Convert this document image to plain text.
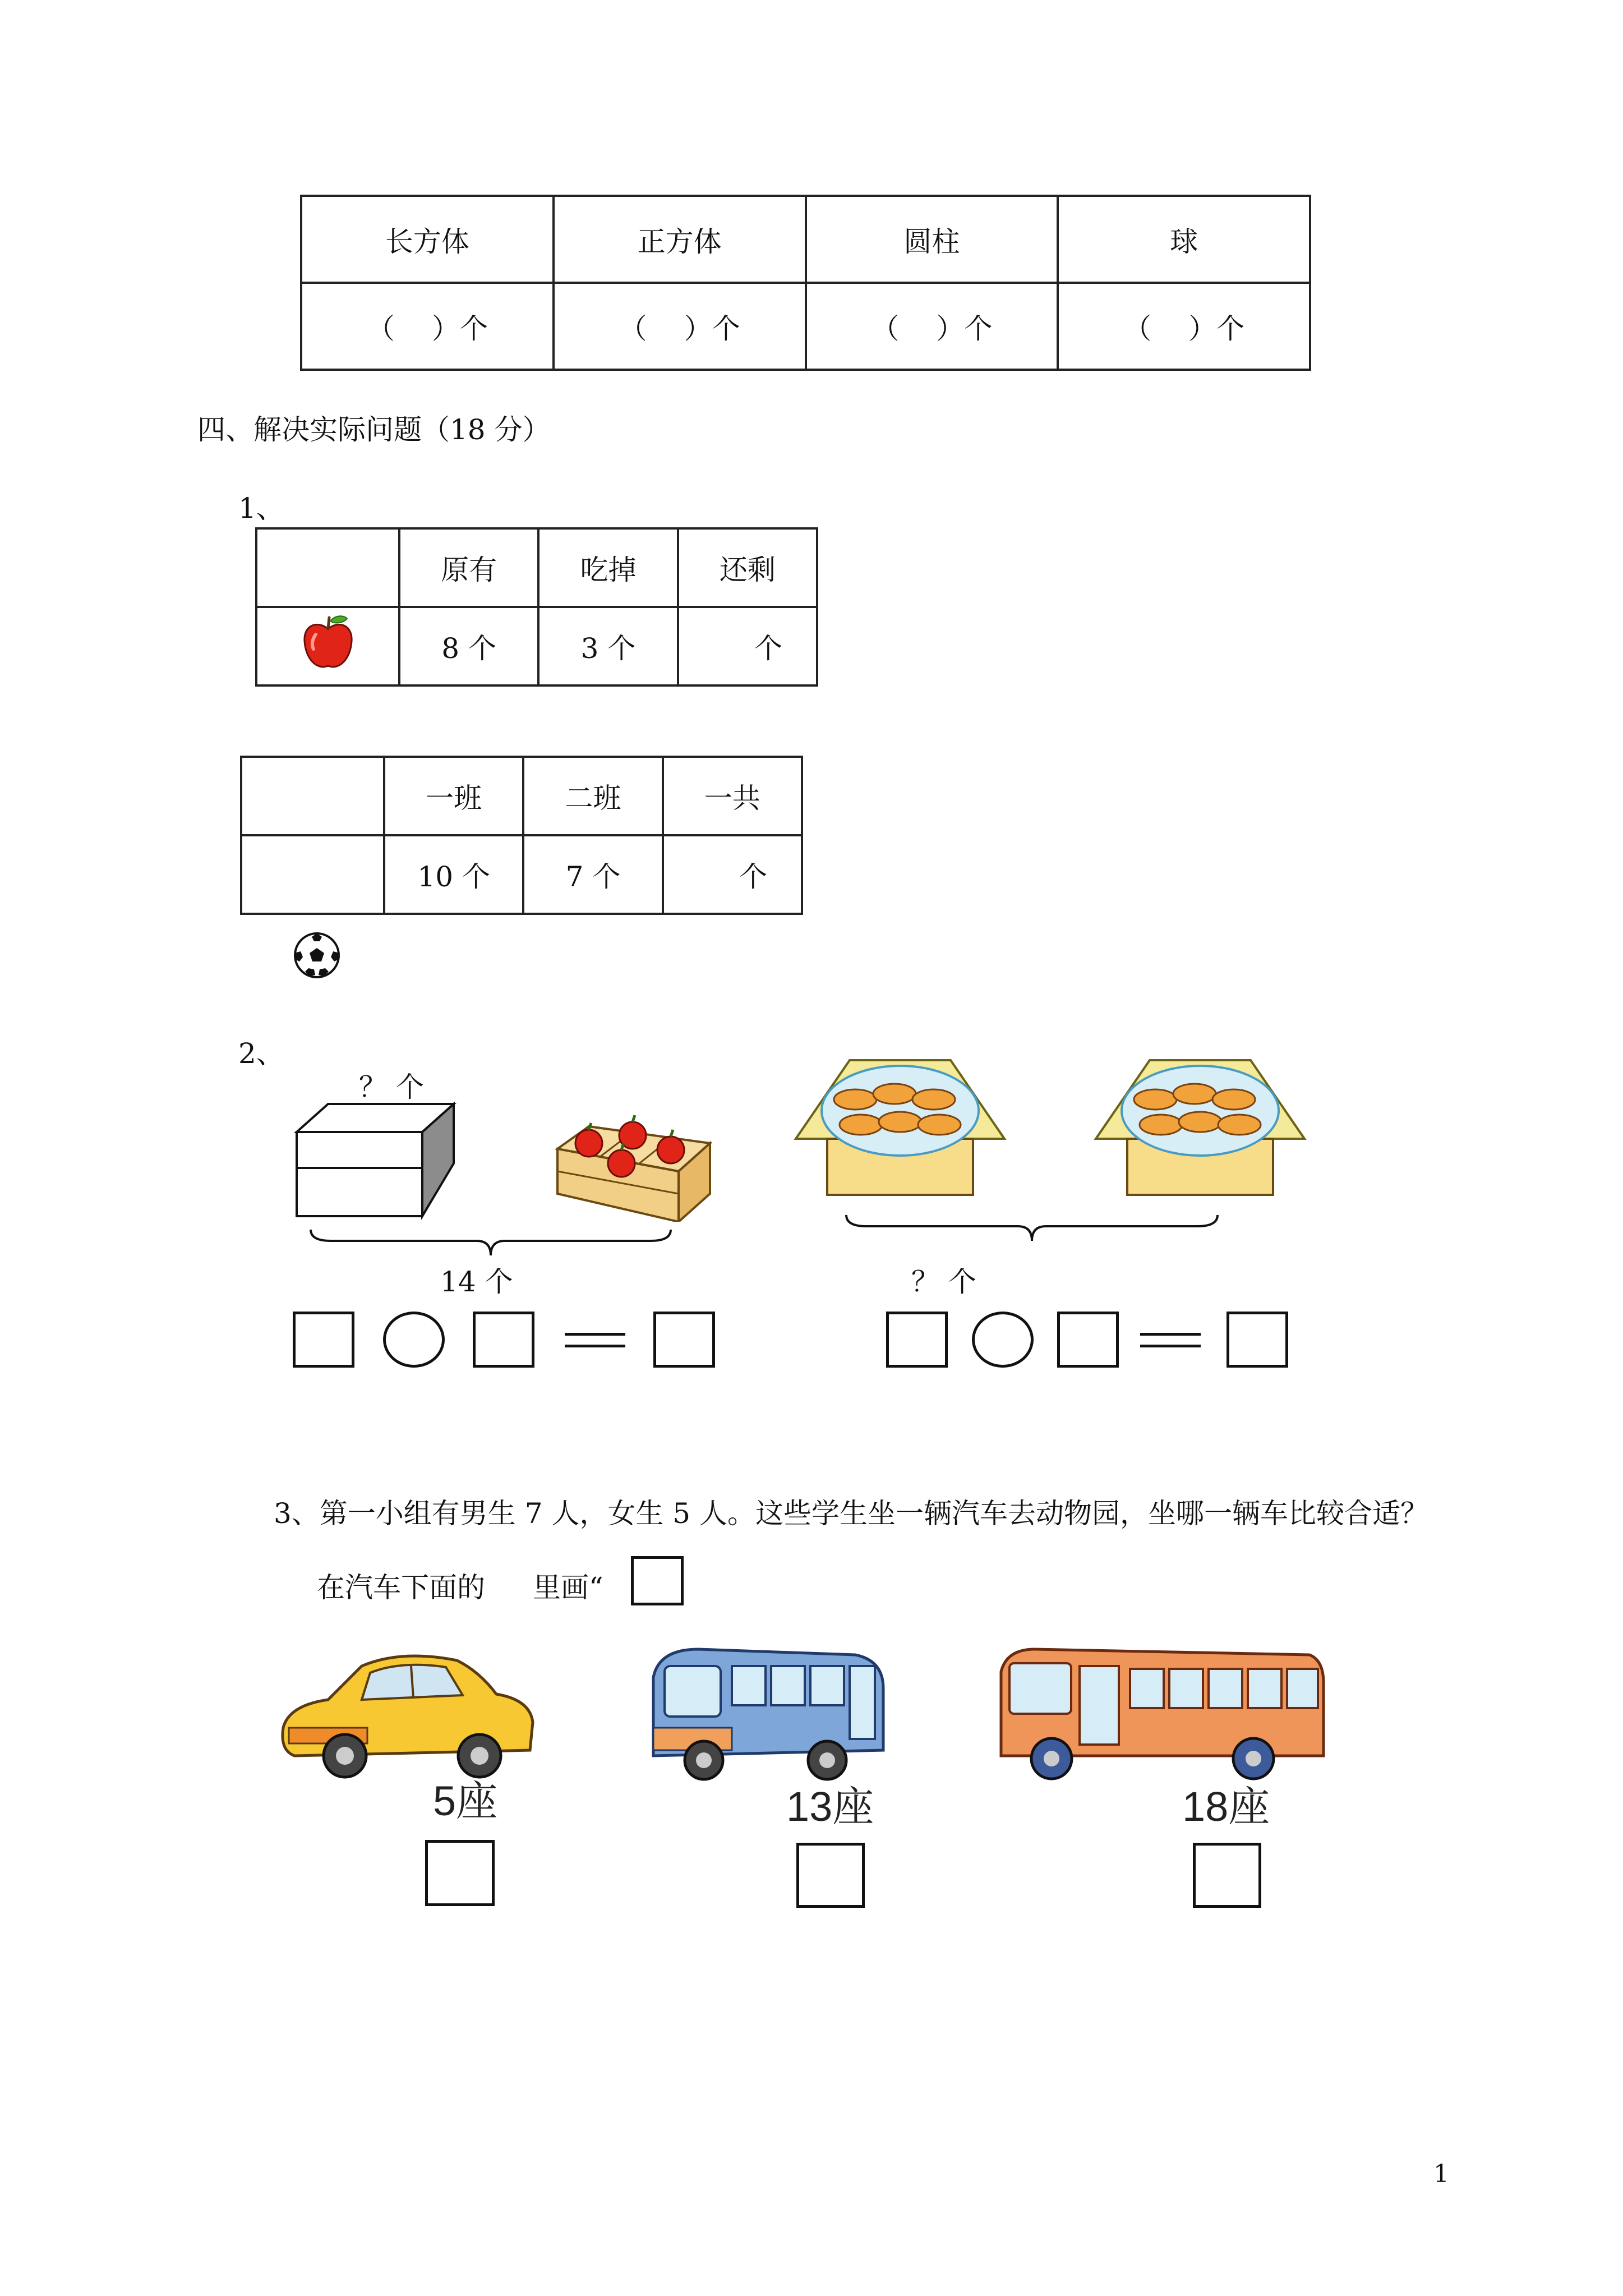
长方体	正方体	圆柱	球
（　 ）个	（　 ）个	（　 ）个	（　 ）个
四、解决实际问题（18 分）
1、
	原有	吃掉	还剩
	8 个	3 个	个
	一班	二班	一共
	10 个	7 个	个
2、
？ 个
14 个	？ 个
3、第一小组有男生 7 人，女生 5 人。这些学生坐一辆汽车去动物园，坐哪一辆车比较合适？
在汽车下面的 里画“
5座	13座	18座
1
